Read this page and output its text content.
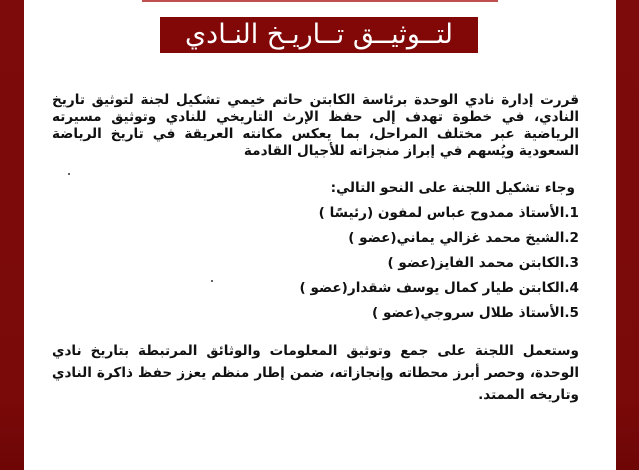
لتــوثيــق تــاريـخ النـادي

قررت إدارة نادي الوحدة برئاسة الكابتن حاتم خيمي تشكيل لجنة لتوثيق تاريخ النادي، في خطوة تهدف إلى حفظ الإرث التاريخي للنادي وتوثيق مسيرته الرياضية عبر مختلف المراحل، بما يعكس مكانته العريقة في تاريخ الرياضة السعودية ويُسهم في إبراز منجزاته للأجيال القادمة

وجاء تشكيل اللجنة على النحو التالي:

1.الأستاذ ممدوح عباس لمفون (رئيسًا )
2.الشيخ محمد غزالي يماني(عضو )
3.الكابتن محمد الفايز(عضو )
4.الكابتن طيار كمال يوسف شقدار(عضو )
5.الأستاذ طلال سروجي(عضو )

وستعمل اللجنة على جمع وتوثيق المعلومات والوثائق المرتبطة بتاريخ نادي الوحدة، وحصر أبرز محطاته وإنجازاته، ضمن إطار منظم يعزز حفظ ذاكرة النادي وتاريخه الممتد.
